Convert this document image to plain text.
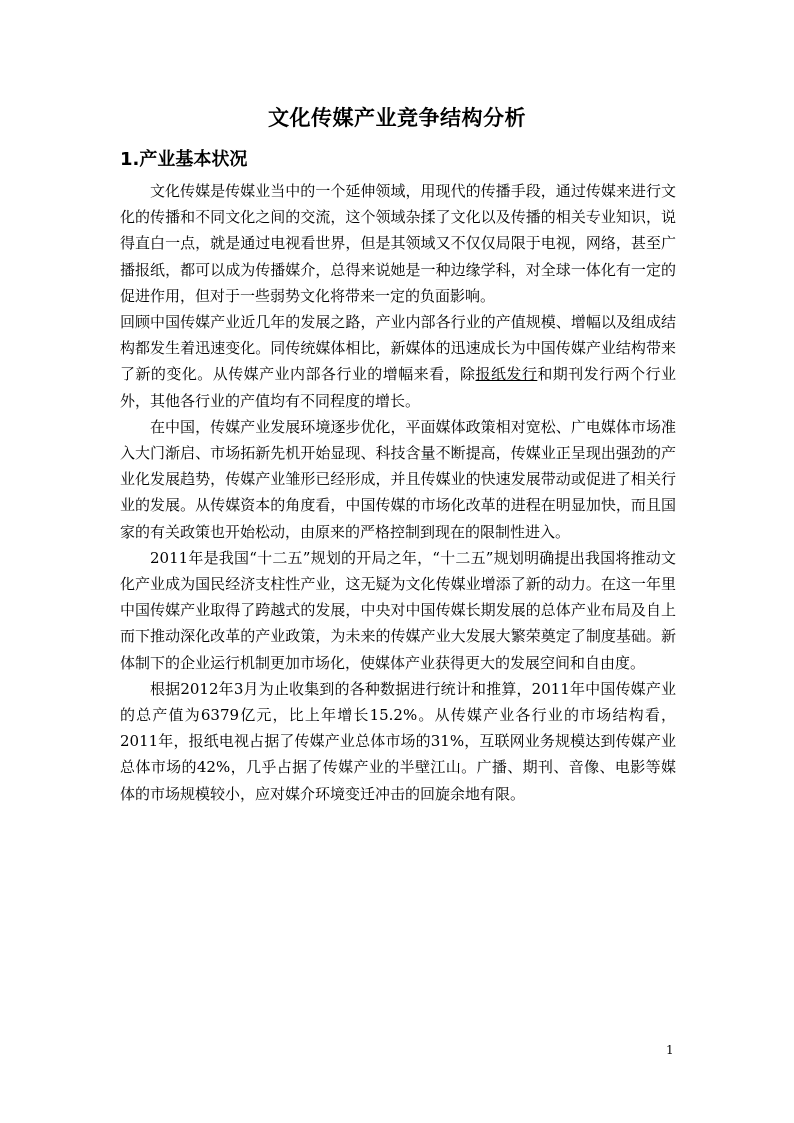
文化传媒产业竞争结构分析
1.产业基本状况

文化传媒是传媒业当中的一个延伸领域，用现代的传播手段，通过传媒来进行文化的传播和不同文化之间的交流，这个领域杂揉了文化以及传播的相关专业知识，说得直白一点，就是通过电视看世界，但是其领域又不仅仅局限于电视，网络，甚至广播报纸，都可以成为传播媒介，总得来说她是一种边缘学科，对全球一体化有一定的促进作用，但对于一些弱势文化将带来一定的负面影响。

回顾中国传媒产业近几年的发展之路，产业内部各行业的产值规模、增幅以及组成结构都发生着迅速变化。同传统媒体相比，新媒体的迅速成长为中国传媒产业结构带来了新的变化。从传媒产业内部各行业的增幅来看，除报纸发行和期刊发行两个行业外，其他各行业的产值均有不同程度的增长。

在中国，传媒产业发展环境逐步优化，平面媒体政策相对宽松、广电媒体市场准入大门渐启、市场拓新先机开始显现、科技含量不断提高，传媒业正呈现出强劲的产业化发展趋势，传媒产业雏形已经形成，并且传媒业的快速发展带动或促进了相关行业的发展。从传媒资本的角度看，中国传媒的市场化改革的进程在明显加快，而且国家的有关政策也开始松动，由原来的严格控制到现在的限制性进入。

2011年是我国“十二五”规划的开局之年，“十二五”规划明确提出我国将推动文化产业成为国民经济支柱性产业，这无疑为文化传媒业增添了新的动力。在这一年里中国传媒产业取得了跨越式的发展，中央对中国传媒长期发展的总体产业布局及自上而下推动深化改革的产业政策，为未来的传媒产业大发展大繁荣奠定了制度基础。新体制下的企业运行机制更加市场化，使媒体产业获得更大的发展空间和自由度。

根据2012年3月为止收集到的各种数据进行统计和推算，2011年中国传媒产业的总产值为6379亿元，比上年增长15.2%。从传媒产业各行业的市场结构看，2011年，报纸电视占据了传媒产业总体市场的31%，互联网业务规模达到传媒产业总体市场的42%，几乎占据了传媒产业的半壁江山。广播、期刊、音像、电影等媒体的市场规模较小，应对媒介环境变迁冲击的回旋余地有限。

1
